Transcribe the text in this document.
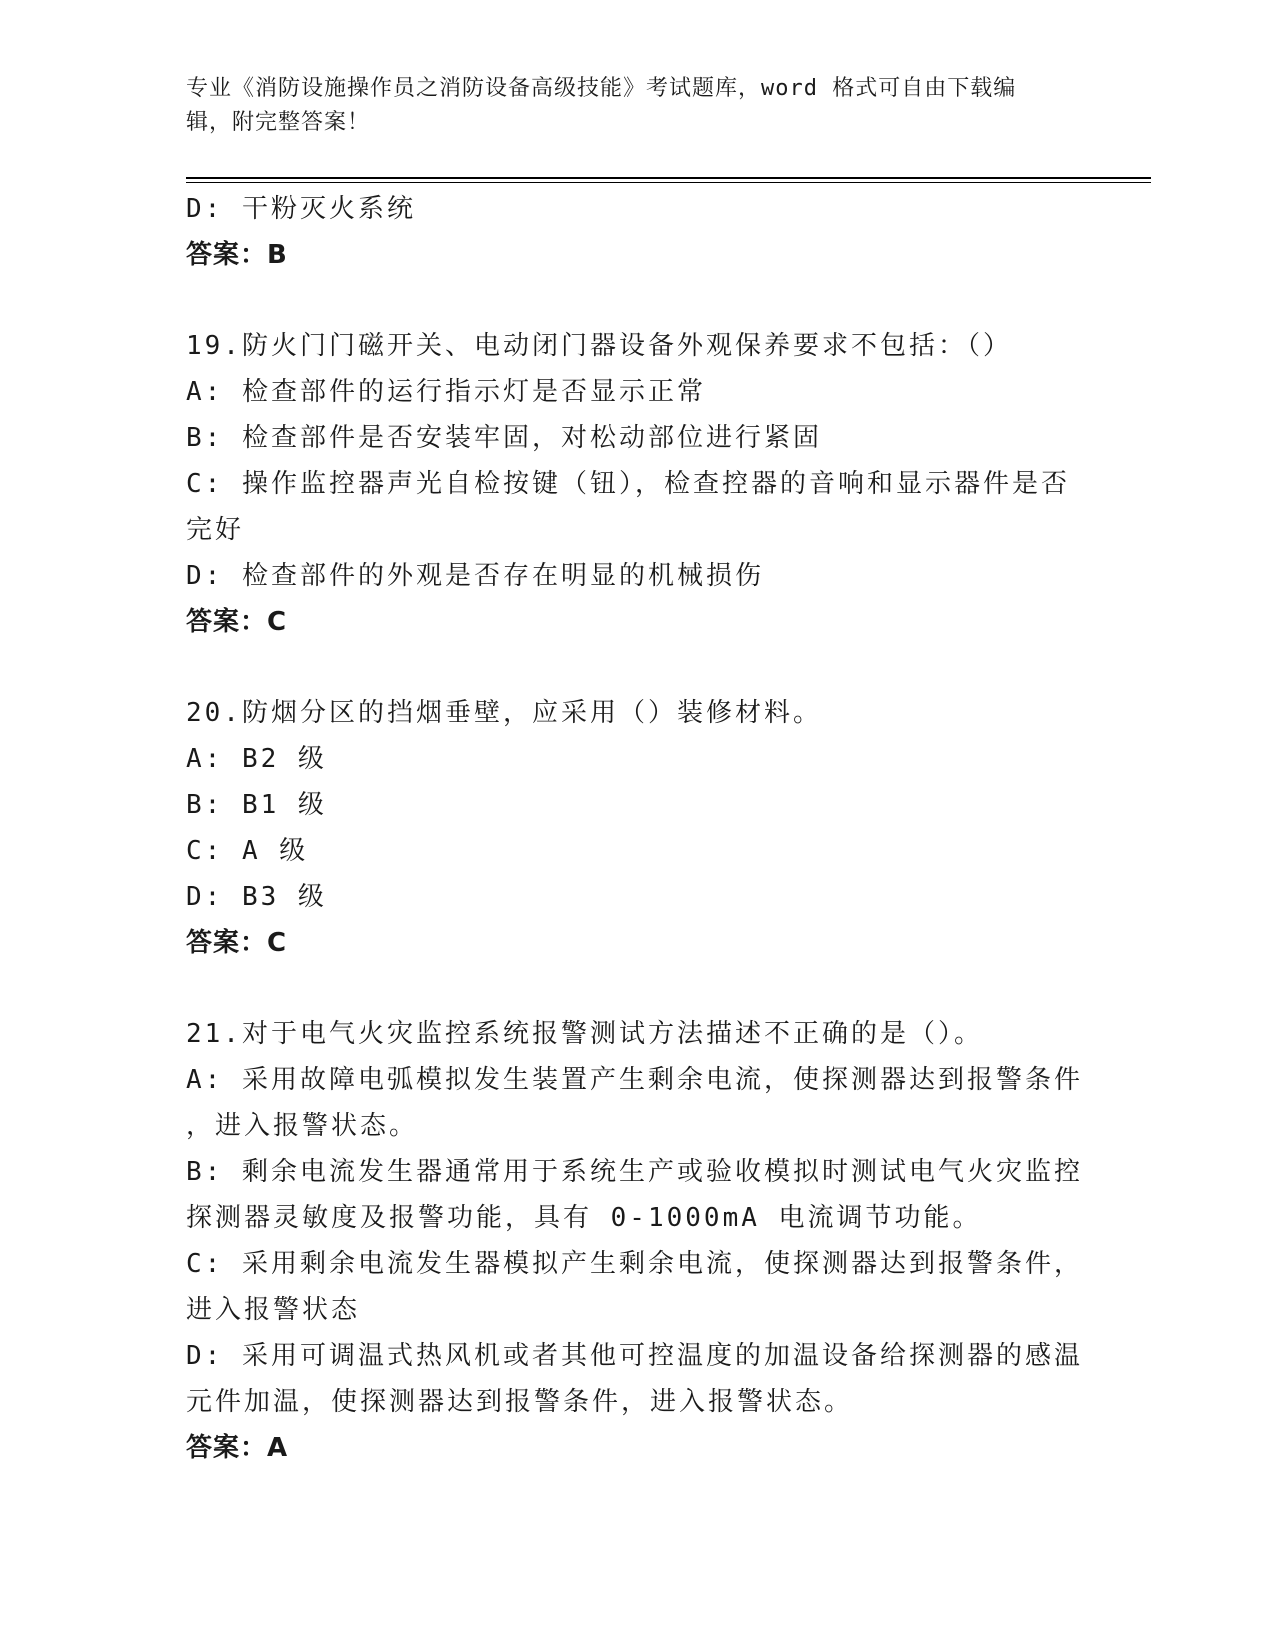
专业《消防设施操作员之消防设备高级技能》考试题库，word 格式可自由下载编
辑，附完整答案！
D: 干粉灭火系统
答案：B
19.防火门门磁开关、电动闭门器设备外观保养要求不包括：（）
A: 检查部件的运行指示灯是否显示正常
B: 检查部件是否安装牢固，对松动部位进行紧固
C: 操作监控器声光自检按键（钮），检查控器的音响和显示器件是否
完好
D: 检查部件的外观是否存在明显的机械损伤
答案：C
20.防烟分区的挡烟垂壁，应采用（）装修材料。
A: B2 级
B: B1 级
C: A 级
D: B3 级
答案：C
21.对于电气火灾监控系统报警测试方法描述不正确的是（）。
A: 采用故障电弧模拟发生装置产生剩余电流，使探测器达到报警条件
，进入报警状态。
B: 剩余电流发生器通常用于系统生产或验收模拟时测试电气火灾监控
探测器灵敏度及报警功能，具有 0-1000mA 电流调节功能。
C: 采用剩余电流发生器模拟产生剩余电流，使探测器达到报警条件，
进入报警状态
D: 采用可调温式热风机或者其他可控温度的加温设备给探测器的感温
元件加温，使探测器达到报警条件，进入报警状态。
答案：A
